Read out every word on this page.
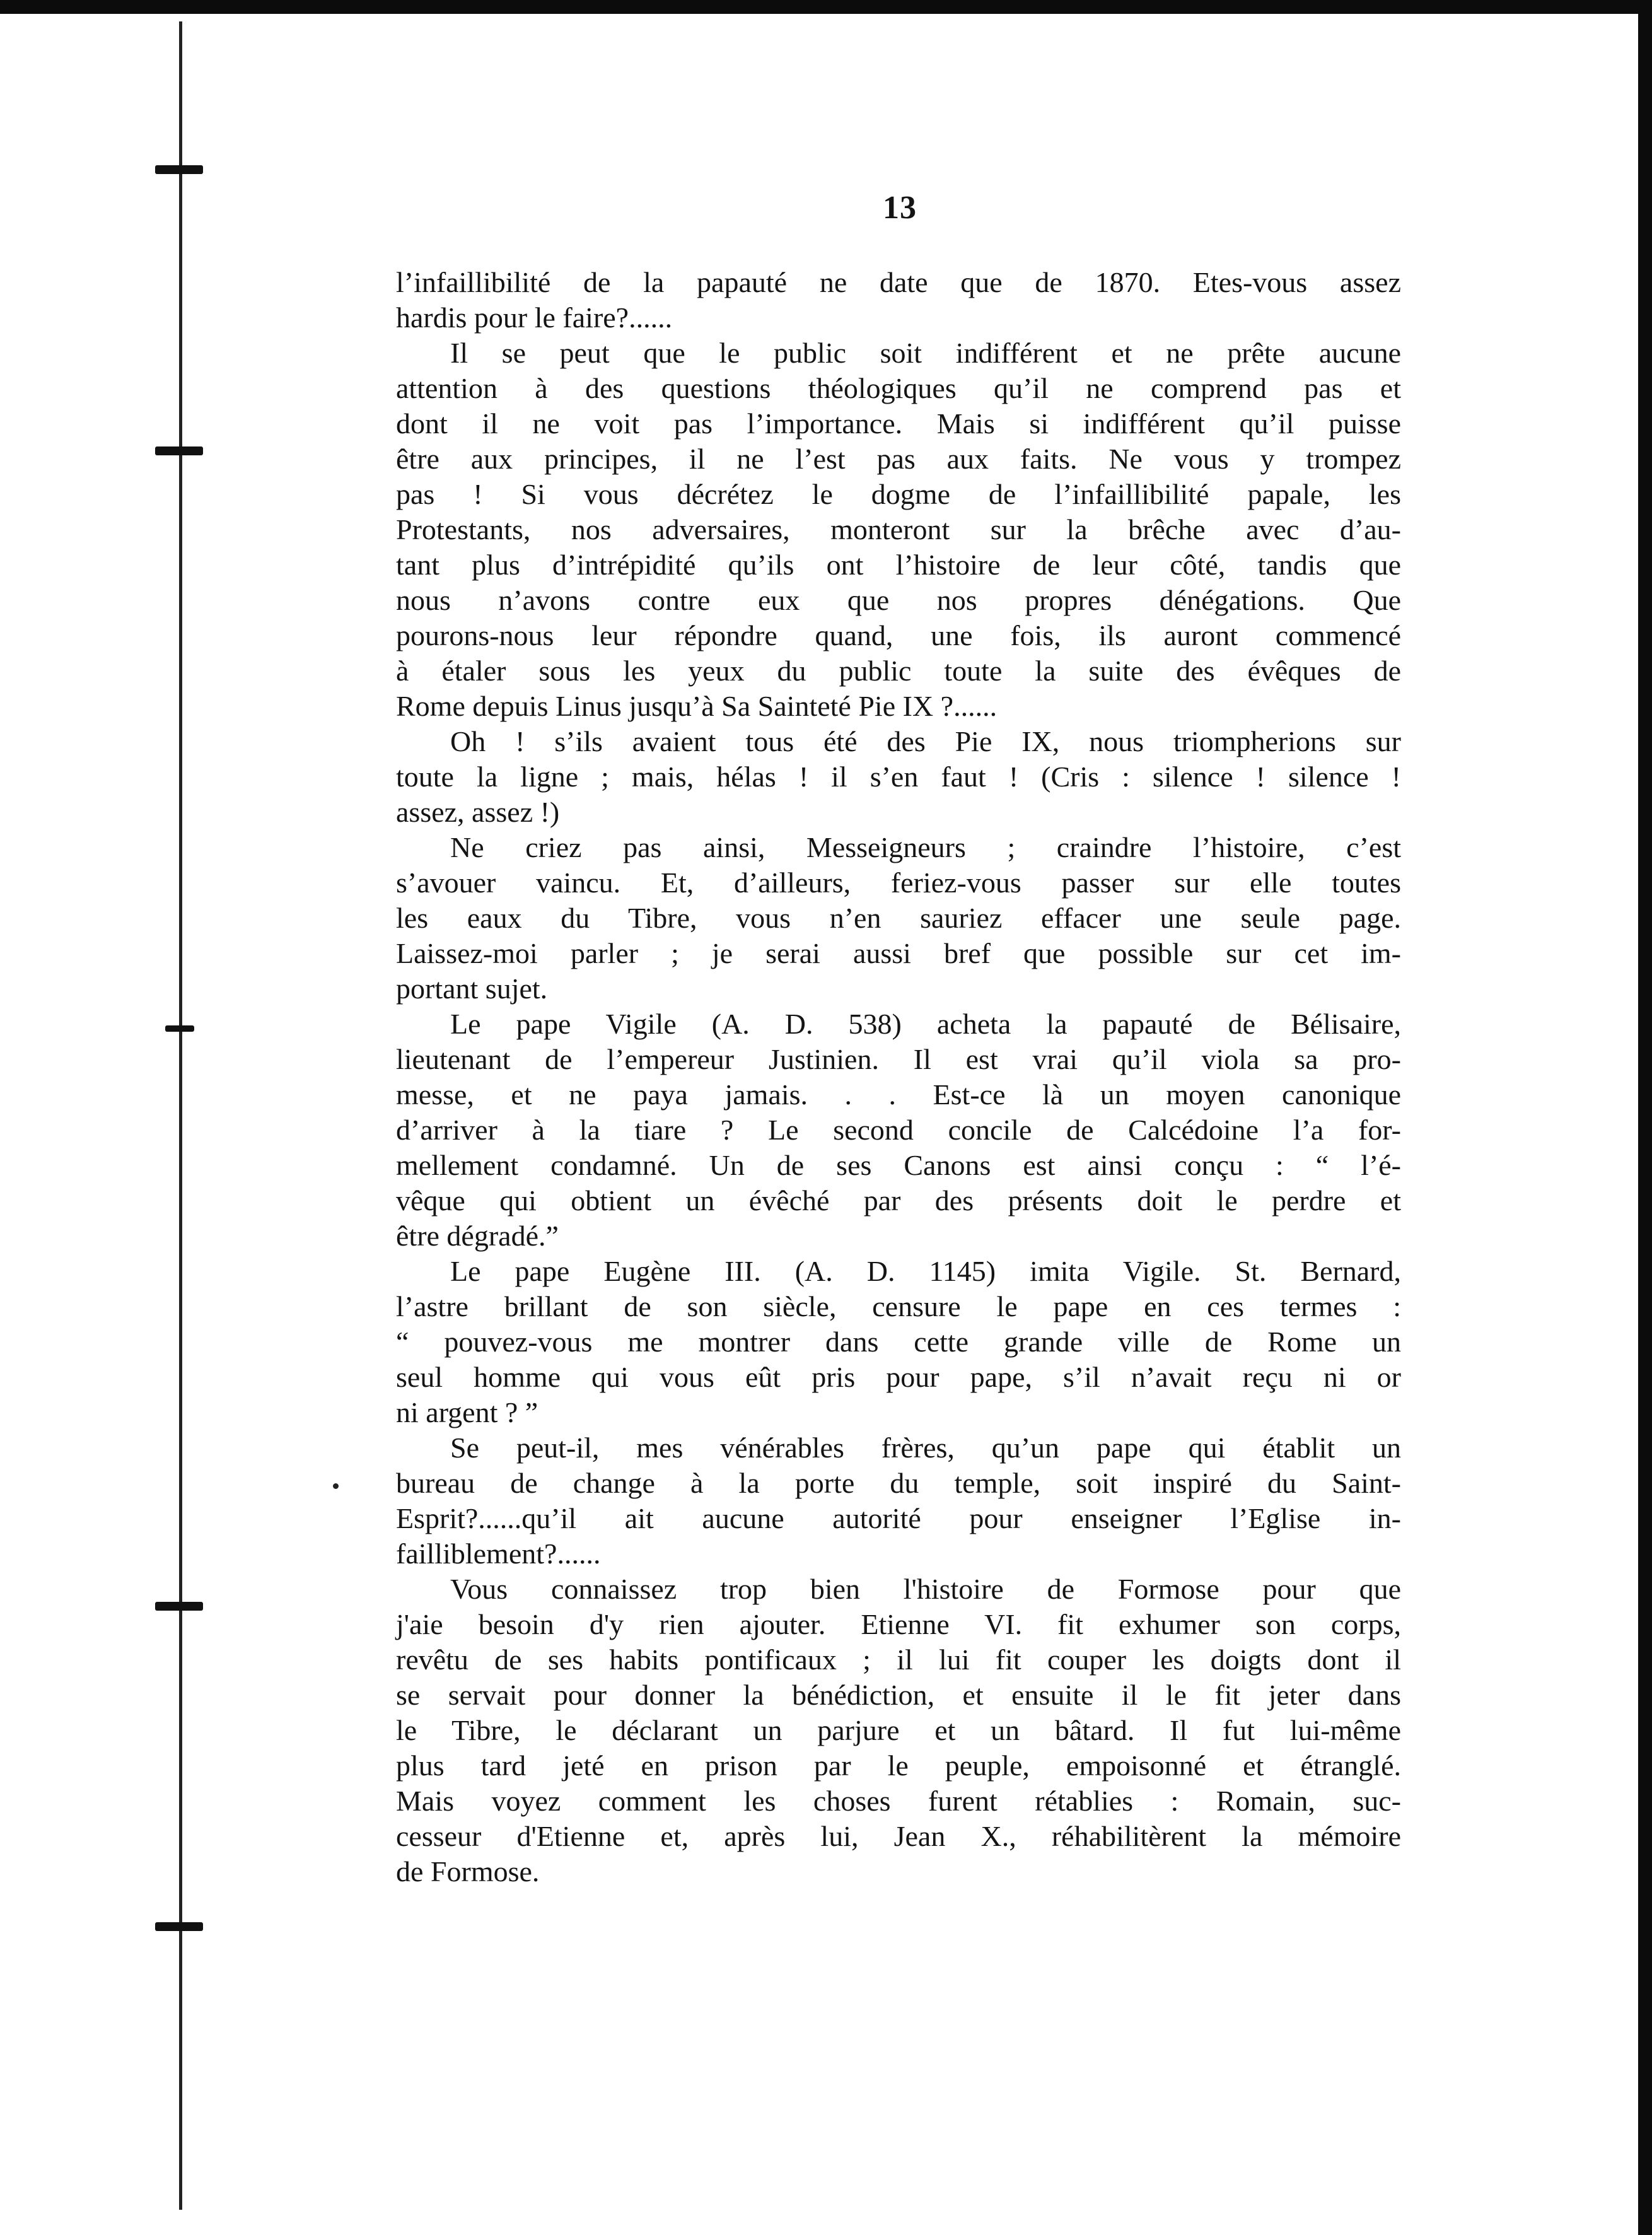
13
l’infaillibilité de la papauté ne date que de 1870. Etes-vous assez
hardis pour le faire?......
Il se peut que le public soit indifférent et ne prête aucune
attention à des questions théologiques qu’il ne comprend pas et
dont il ne voit pas l’importance. Mais si indifférent qu’il puisse
être aux principes, il ne l’est pas aux faits. Ne vous y trompez
pas ! Si vous décrétez le dogme de l’infaillibilité papale, les
Protestants, nos adversaires, monteront sur la brêche avec d’au-
tant plus d’intrépidité qu’ils ont l’histoire de leur côté, tandis que
nous n’avons contre eux que nos propres dénégations. Que
pourons-nous leur répondre quand, une fois, ils auront commencé
à étaler sous les yeux du public toute la suite des évêques de
Rome depuis Linus jusqu’à Sa Sainteté Pie IX ?......
Oh ! s’ils avaient tous été des Pie IX, nous triompherions sur
toute la ligne ; mais, hélas ! il s’en faut ! (Cris : silence ! silence !
assez, assez !)
Ne criez pas ainsi, Messeigneurs ; craindre l’histoire, c’est
s’avouer vaincu. Et, d’ailleurs, feriez-vous passer sur elle toutes
les eaux du Tibre, vous n’en sauriez effacer une seule page.
Laissez-moi parler ; je serai aussi bref que possible sur cet im-
portant sujet.
Le pape Vigile (A. D. 538) acheta la papauté de Bélisaire,
lieutenant de l’empereur Justinien. Il est vrai qu’il viola sa pro-
messe, et ne paya jamais. . . Est-ce là un moyen canonique
d’arriver à la tiare ? Le second concile de Calcédoine l’a for-
mellement condamné. Un de ses Canons est ainsi conçu : “ l’é-
vêque qui obtient un évêché par des présents doit le perdre et
être dégradé.”
Le pape Eugène III. (A. D. 1145) imita Vigile. St. Bernard,
l’astre brillant de son siècle, censure le pape en ces termes :
“ pouvez-vous me montrer dans cette grande ville de Rome un
seul homme qui vous eût pris pour pape, s’il n’avait reçu ni or
ni argent ? ”
Se peut-il, mes vénérables frères, qu’un pape qui établit un
bureau de change à la porte du temple, soit inspiré du Saint-
Esprit?......qu’il ait aucune autorité pour enseigner l’Eglise in-
failliblement?......
Vous connaissez trop bien l'histoire de Formose pour que
j'aie besoin d'y rien ajouter. Etienne VI. fit exhumer son corps,
revêtu de ses habits pontificaux ; il lui fit couper les doigts dont il
se servait pour donner la bénédiction, et ensuite il le fit jeter dans
le Tibre, le déclarant un parjure et un bâtard. Il fut lui-même
plus tard jeté en prison par le peuple, empoisonné et étranglé.
Mais voyez comment les choses furent rétablies : Romain, suc-
cesseur d'Etienne et, après lui, Jean X., réhabilitèrent la mémoire
de Formose.
